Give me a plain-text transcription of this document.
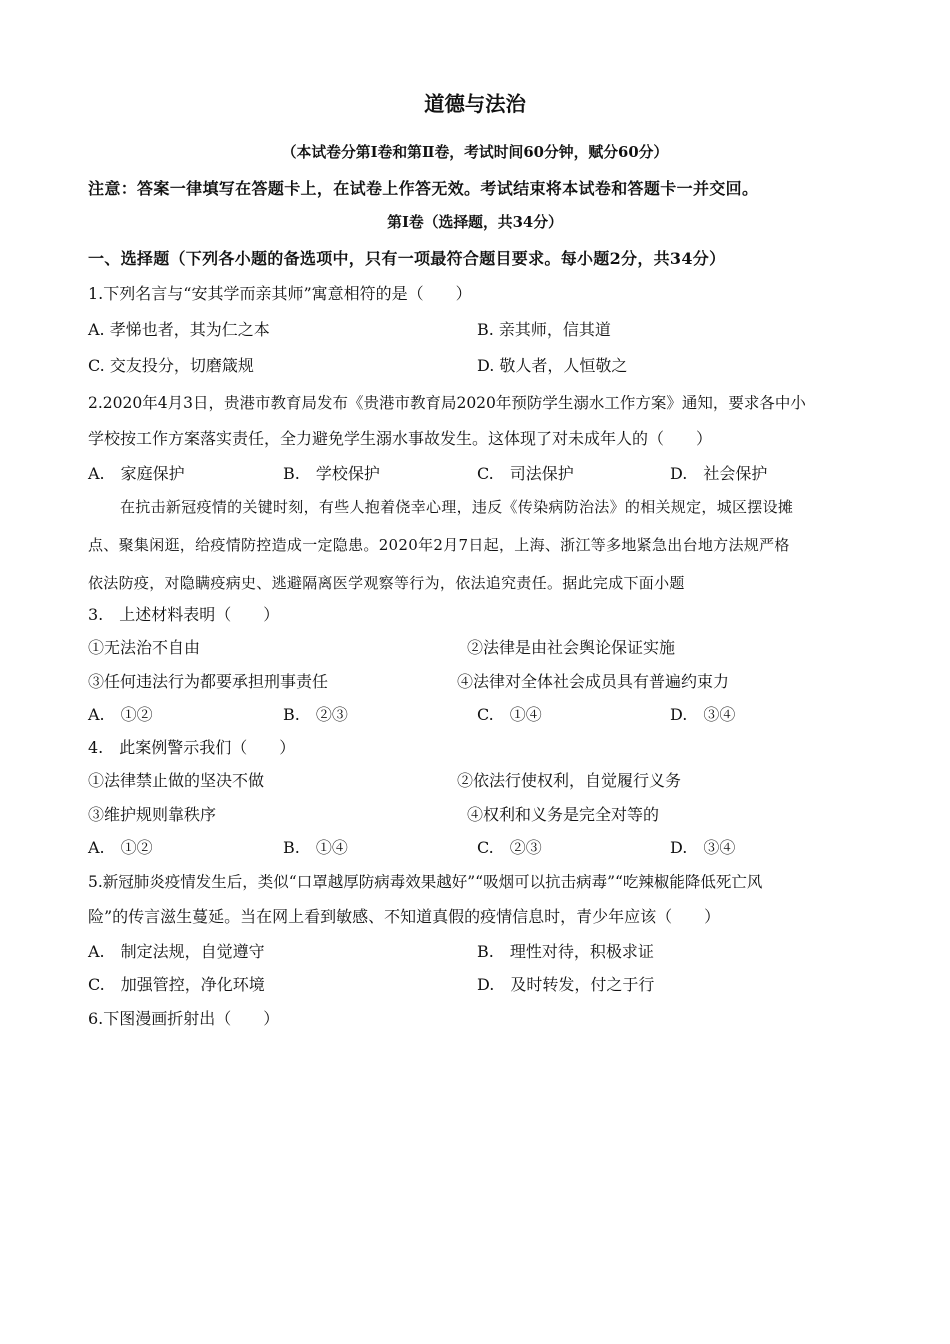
道德与法治
（本试卷分第Ⅰ卷和第Ⅱ卷，考试时间60分钟，赋分60分）
注意：答案一律填写在答题卡上，在试卷上作答无效。考试结束将本试卷和答题卡一并交回。
第Ⅰ卷（选择题，共34分）
一、选择题（下列各小题的备选项中，只有一项最符合题目要求。每小题2分，共34分）
1.下列名言与“安其学而亲其师”寓意相符的是（　　）
A. 孝悌也者，其为仁之本	B. 亲其师，信其道
C. 交友投分，切磨箴规	D. 敬人者，人恒敬之
2.2020年4月3日，贵港市教育局发布《贵港市教育局2020年预防学生溺水工作方案》通知，要求各中小
学校按工作方案落实责任，全力避免学生溺水事故发生。这体现了对未成年人的（　　）
A.　家庭保护	B.　学校保护	C.　司法保护	D.　社会保护
在抗击新冠疫情的关键时刻，有些人抱着侥幸心理，违反《传染病防治法》的相关规定，城区摆设摊
点、聚集闲逛，给疫情防控造成一定隐患。2020年2月7日起，上海、浙江等多地紧急出台地方法规严格
依法防疫，对隐瞒疫病史、逃避隔离医学观察等行为，依法追究责任。据此完成下面小题
3.　上述材料表明（　　）
①无法治不自由	②法律是由社会舆论保证实施
③任何违法行为都要承担刑事责任	④法律对全体社会成员具有普遍约束力
A.　①②	B.　②③	C.　①④	D.　③④
4.　此案例警示我们（　　）
①法律禁止做的坚决不做	②依法行使权利，自觉履行义务
③维护规则靠秩序	④权利和义务是完全对等的
A.　①②	B.　①④	C.　②③	D.　③④
5.新冠肺炎疫情发生后，类似“口罩越厚防病毒效果越好”“吸烟可以抗击病毒”“吃辣椒能降低死亡风
险”的传言滋生蔓延。当在网上看到敏感、不知道真假的疫情信息时，青少年应该（　　）
A.　制定法规，自觉遵守	B.　理性对待，积极求证
C.　加强管控，净化环境	D.　及时转发，付之于行
6.下图漫画折射出（　　）
